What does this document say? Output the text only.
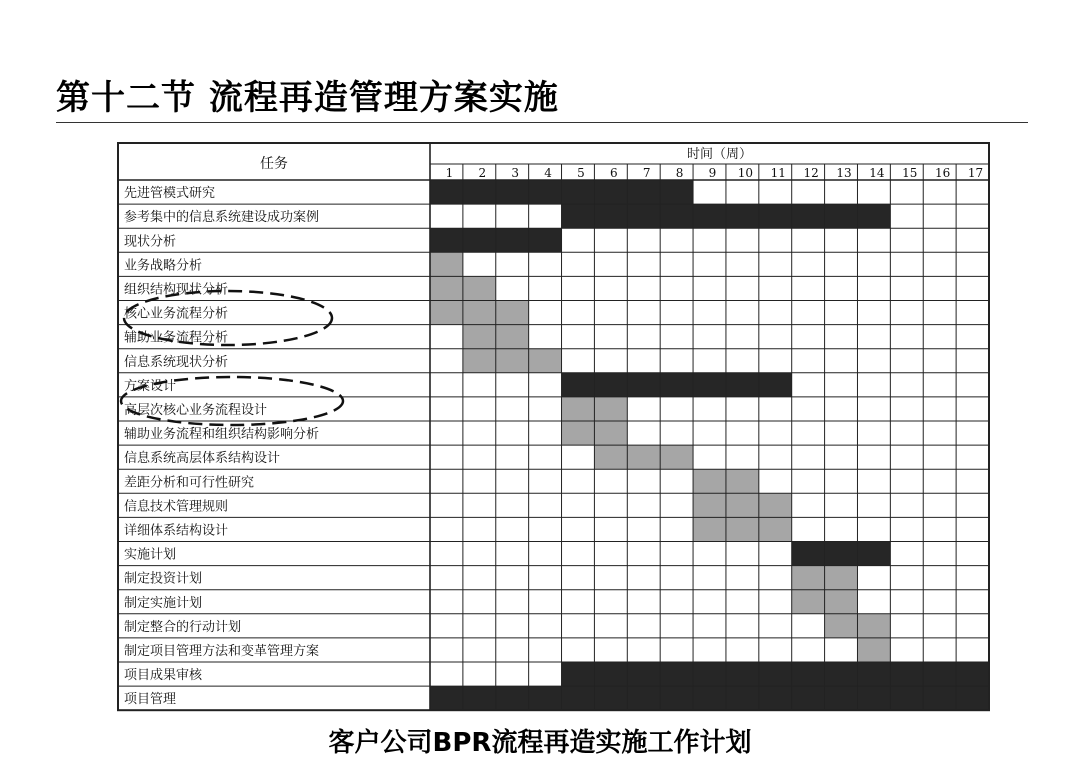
第十二节 流程再造管理方案实施
任务
时间（周）
1 2 3 4 5 6 7 8 9 10 11 12 13 14 15 16 17
先进管模式研究
参考集中的信息系统建设成功案例
现状分析
业务战略分析
组织结构现状分析
核心业务流程分析
辅助业务流程分析
信息系统现状分析
方案设计
高层次核心业务流程设计
辅助业务流程和组织结构影响分析
信息系统高层体系结构设计
差距分析和可行性研究
信息技术管理规则
详细体系结构设计
实施计划
制定投资计划
制定实施计划
制定整合的行动计划
制定项目管理方法和变革管理方案
项目成果审核
项目管理
客户公司BPR流程再造实施工作计划
